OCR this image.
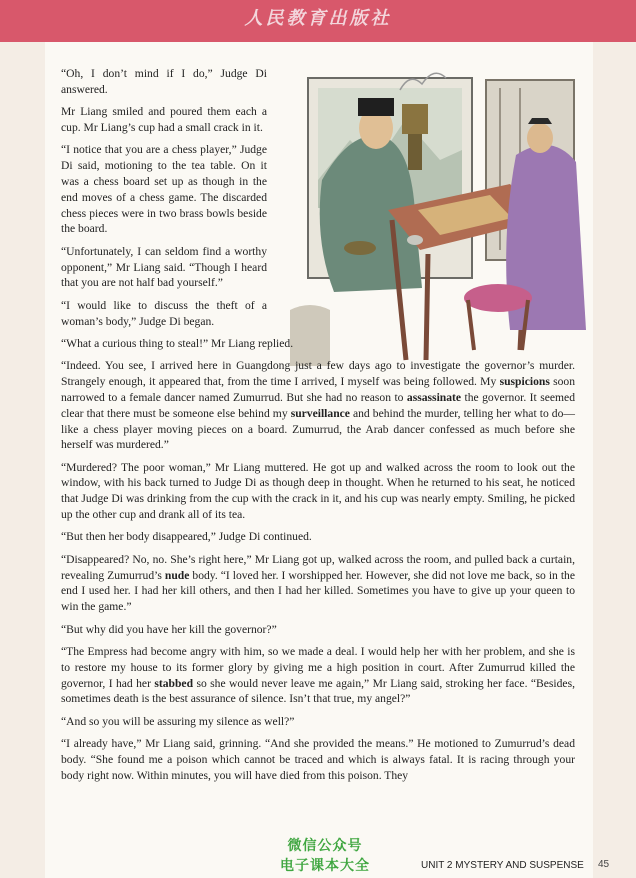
人民教育出版社

“Oh, I don’t mind if I do,” Judge Di answered.

Mr Liang smiled and poured them each a cup. Mr Liang’s cup had a small crack in it.

“I notice that you are a chess player,” Judge Di said, motioning to the tea table. On it was a chess board set up as though in the end moves of a chess game. The discarded chess pieces were in two brass bowls beside the board.

“Unfortunately, I can seldom find a worthy opponent,” Mr Liang said. “Though I heard that you are not half bad yourself.”

“I would like to discuss the theft of a woman’s body,” Judge Di began.

“What a curious thing to steal!” Mr Liang replied.

“Indeed. You see, I arrived here in Guangdong just a few days ago to investigate the governor’s murder. Strangely enough, it appeared that, from the time I arrived, I myself was being followed. My suspicions soon narrowed to a female dancer named Zumurrud. But she had no reason to assassinate the governor. It seemed clear that there must be someone else behind my surveillance and behind the murder, telling her what to do—like a chess player moving pieces on a board. Zumurrud, the Arab dancer confessed as much before she herself was murdered.”

“Murdered? The poor woman,” Mr Liang muttered. He got up and walked across the room to look out the window, with his back turned to Judge Di as though deep in thought. When he returned to his seat, he noticed that Judge Di was drinking from the cup with the crack in it, and his cup was nearly empty. Smiling, he picked up the other cup and drank all of its tea.

“But then her body disappeared,” Judge Di continued.

“Disappeared? No, no. She’s right here,” Mr Liang got up, walked across the room, and pulled back a curtain, revealing Zumurrud’s nude body. “I loved her. I worshipped her. However, she did not love me back, so in the end I used her. I had her kill others, and then I had her killed. Sometimes you have to give up your queen to win the game.”

“But why did you have her kill the governor?”

“The Empress had become angry with him, so we made a deal. I would help her with her problem, and she is to restore my house to its former glory by giving me a high position in court. After Zumurrud killed the governor, I had her stabbed so she would never leave me again,” Mr Liang said, stroking her face. “Besides, sometimes death is the best assurance of silence. Isn’t that true, my angel?”

“And so you will be assuring my silence as well?”

“I already have,” Mr Liang said, grinning. “And she provided the means.” He motioned to Zumurrud’s dead body. “She found me a poison which cannot be traced and which is always fatal. It is racing through your body right now. Within minutes, you will have died from this poison. They

微信公众号
电子课本大全	UNIT 2 MYSTERY AND SUSPENSE 45
